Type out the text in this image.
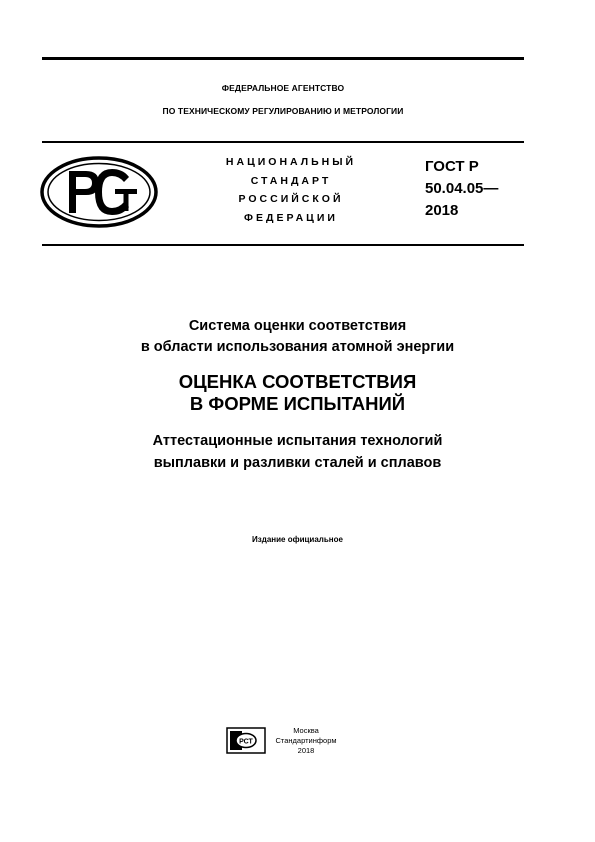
ФЕДЕРАЛЬНОЕ АГЕНТСТВО
ПО ТЕХНИЧЕСКОМУ РЕГУЛИРОВАНИЮ И МЕТРОЛОГИИ
НАЦИОНАЛЬНЫЙ
СТАНДАРТ
РОССИЙСКОЙ
ФЕДЕРАЦИИ
ГОСТ Р
50.04.05—
2018
Система оценки соответствия
в области использования атомной энергии
ОЦЕНКА СООТВЕТСТВИЯ
В ФОРМЕ ИСПЫТАНИЙ
Аттестационные испытания технологий
выплавки и разливки сталей и сплавов
Издание официальное
РСТ
Москва
Стандартинформ
2018
